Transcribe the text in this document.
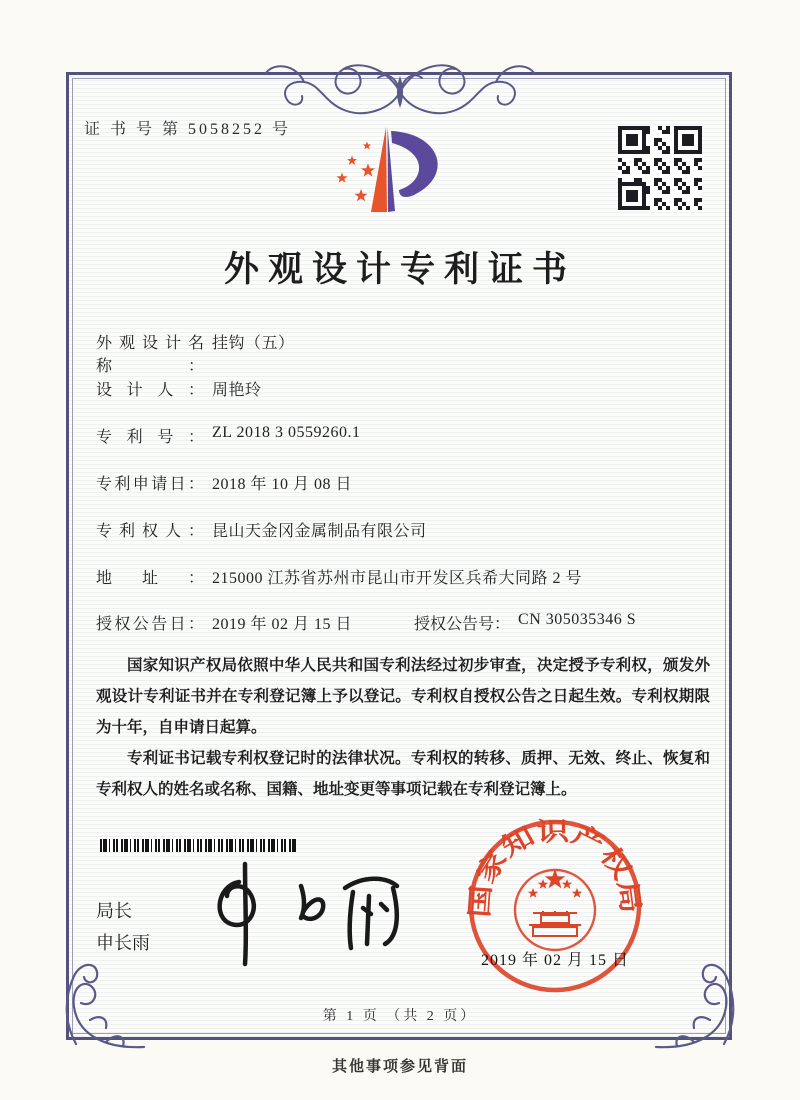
证 书 号 第 5058252 号
外观设计专利证书
外观设计名称：
挂钩（五）
设计人： 周艳玲
专利号： ZL 2018 3 0559260.1
专利申请日： 2018 年 10 月 08 日
专利权人： 昆山天金冈金属制品有限公司
地址： 215000 江苏省苏州市昆山市开发区兵希大同路 2 号
授权公告日： 2019 年 02 月 15 日	授权公告号： CN 305035346 S

国家知识产权局依照中华人民共和国专利法经过初步审查，决定授予专利权，颁发外观设计专利证书并在专利登记簿上予以登记。专利权自授权公告之日起生效。专利权期限为十年，自申请日起算。

专利证书记载专利权登记时的法律状况。专利权的转移、质押、无效、终止、恢复和专利权人的姓名或名称、国籍、地址变更等事项记载在专利登记簿上。

局长
申长雨
国家知识产权局
2019 年 02 月 15 日
第 1 页 （共 2 页）
其他事项参见背面
